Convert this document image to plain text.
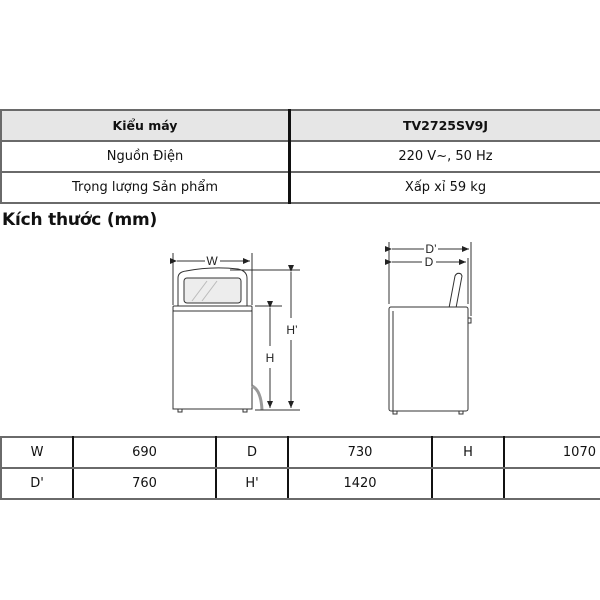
Kiểu máy	TV2725SV9J
Nguồn Điện	220 V~, 50 Hz
Trọng lượng Sản phẩm	Xấp xỉ 59 kg
Kích thước (mm)
W
H
H’
D’
D
W	690	D	730	H	1070
D'	760	H'	1420		
